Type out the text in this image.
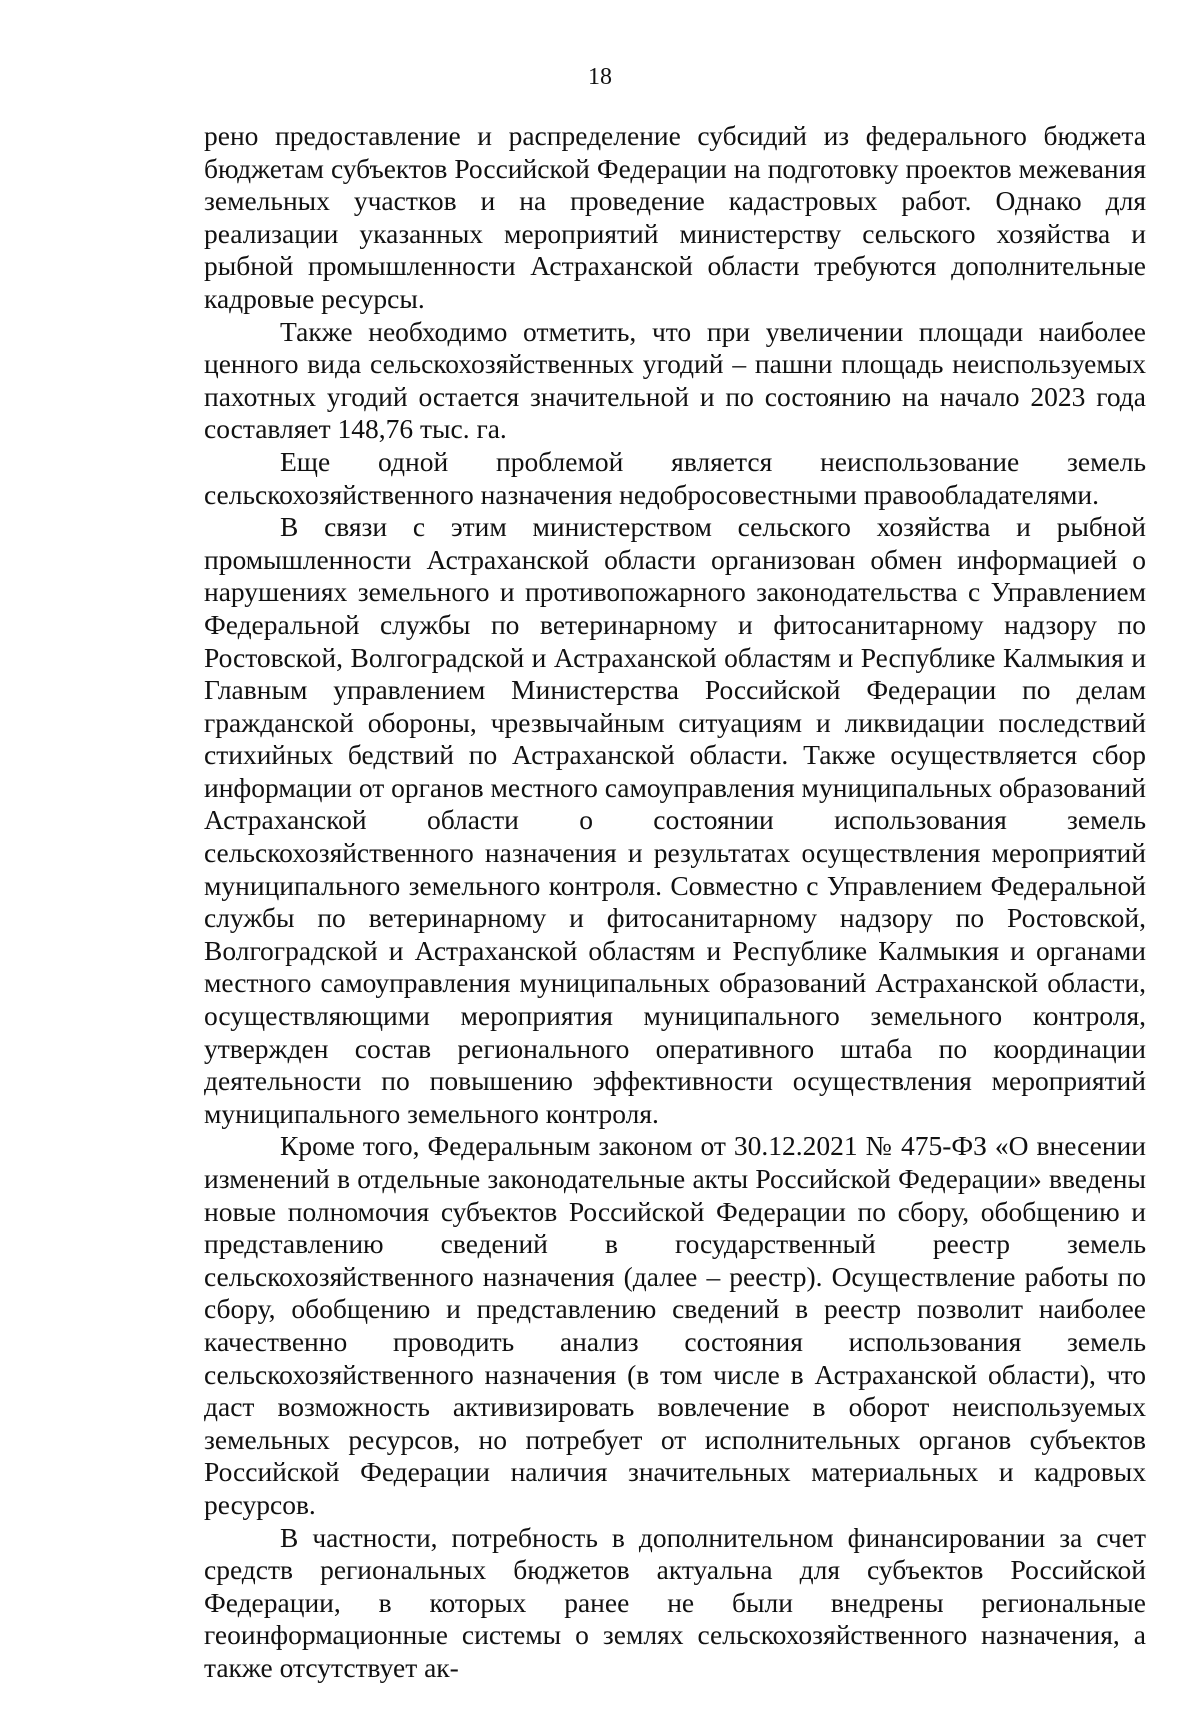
18

рено предоставление и распределение субсидий из федерального бюджета бюджетам субъектов Российской Федерации на подготовку проектов межевания земельных участков и на проведение кадастровых работ. Однако для реализации указанных мероприятий министерству сельского хозяйства и рыбной промышленности Астраханской области требуются дополнительные кадровые ресурсы.

Также необходимо отметить, что при увеличении площади наиболее ценного вида сельскохозяйственных угодий – пашни площадь неиспользуемых пахотных угодий остается значительной и по состоянию на начало 2023 года составляет 148,76 тыс. га.

Еще одной проблемой является неиспользование земель сельскохозяйственного назначения недобросовестными правообладателями.

В связи с этим министерством сельского хозяйства и рыбной промышленности Астраханской области организован обмен информацией о нарушениях земельного и противопожарного законодательства с Управлением Федеральной службы по ветеринарному и фитосанитарному надзору по Ростовской, Волгоградской и Астраханской областям и Республике Калмыкия и Главным управлением Министерства Российской Федерации по делам гражданской обороны, чрезвычайным ситуациям и ликвидации последствий стихийных бедствий по Астраханской области. Также осуществляется сбор информации от органов местного самоуправления муниципальных образований Астраханской области о состоянии использования земель сельскохозяйственного назначения и результатах осуществления мероприятий муниципального земельного контроля. Совместно с Управлением Федеральной службы по ветеринарному и фитосанитарному надзору по Ростовской, Волгоградской и Астраханской областям и Республике Калмыкия и органами местного самоуправления муниципальных образований Астраханской области, осуществляющими мероприятия муниципального земельного контроля, утвержден состав регионального оперативного штаба по координации деятельности по повышению эффективности осуществления мероприятий муниципального земельного контроля.

Кроме того, Федеральным законом от 30.12.2021 № 475-ФЗ «О внесении изменений в отдельные законодательные акты Российской Федерации» введены новые полномочия субъектов Российской Федерации по сбору, обобщению и представлению сведений в государственный реестр земель сельскохозяйственного назначения (далее – реестр). Осуществление работы по сбору, обобщению и представлению сведений в реестр позволит наиболее качественно проводить анализ состояния использования земель сельскохозяйственного назначения (в том числе в Астраханской области), что даст возможность активизировать вовлечение в оборот неиспользуемых земельных ресурсов, но потребует от исполнительных органов субъектов Российской Федерации наличия значительных материальных и кадровых ресурсов.

В частности, потребность в дополнительном финансировании за счет средств региональных бюджетов актуальна для субъектов Российской Федерации, в которых ранее не были внедрены региональные геоинформационные системы о землях сельскохозяйственного назначения, а также отсутствует ак-
